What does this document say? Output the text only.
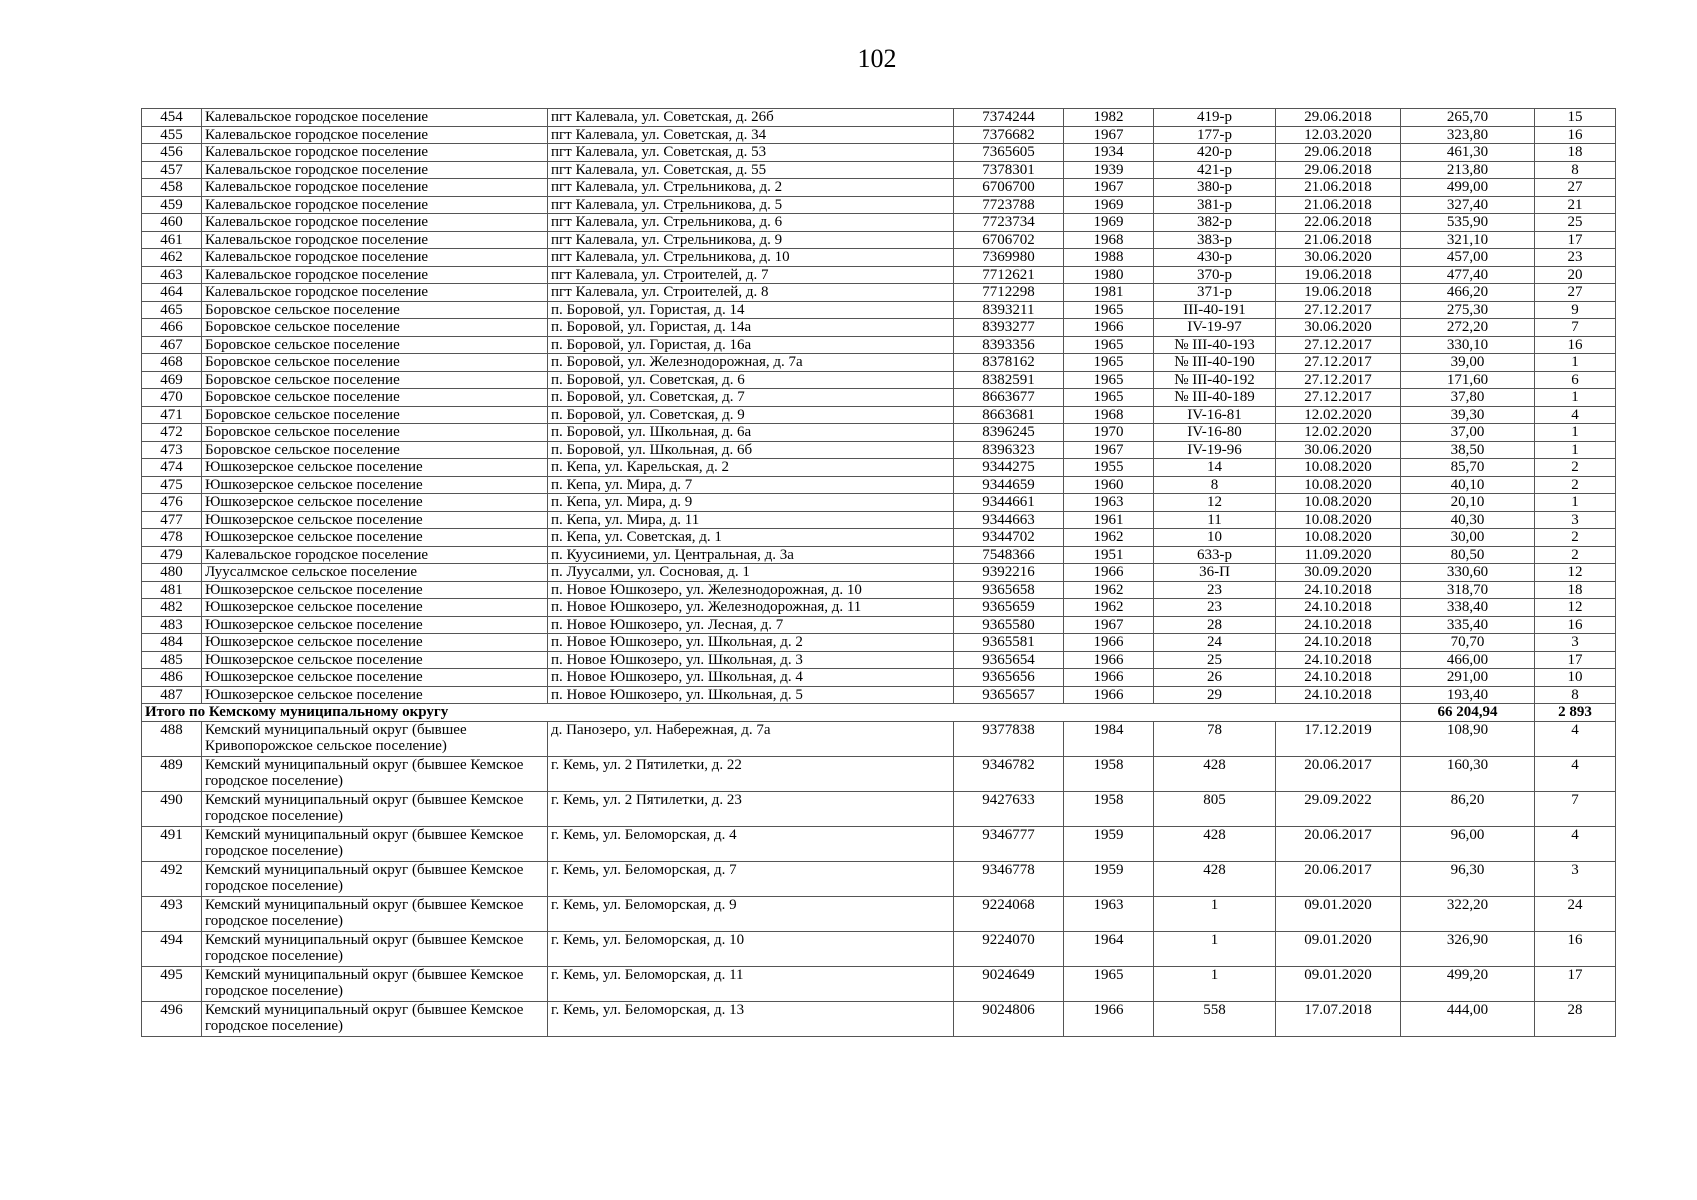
102
454	Калевальское городское поселение	пгт Калевала, ул. Советская, д. 26б	7374244	1982	419-р	29.06.2018	265,70	15
455	Калевальское городское поселение	пгт Калевала, ул. Советская, д. 34	7376682	1967	177-р	12.03.2020	323,80	16
456	Калевальское городское поселение	пгт Калевала, ул. Советская, д. 53	7365605	1934	420-р	29.06.2018	461,30	18
457	Калевальское городское поселение	пгт Калевала, ул. Советская, д. 55	7378301	1939	421-р	29.06.2018	213,80	8
458	Калевальское городское поселение	пгт Калевала, ул. Стрельникова, д. 2	6706700	1967	380-р	21.06.2018	499,00	27
459	Калевальское городское поселение	пгт Калевала, ул. Стрельникова, д. 5	7723788	1969	381-р	21.06.2018	327,40	21
460	Калевальское городское поселение	пгт Калевала, ул. Стрельникова, д. 6	7723734	1969	382-р	22.06.2018	535,90	25
461	Калевальское городское поселение	пгт Калевала, ул. Стрельникова, д. 9	6706702	1968	383-р	21.06.2018	321,10	17
462	Калевальское городское поселение	пгт Калевала, ул. Стрельникова, д. 10	7369980	1988	430-р	30.06.2020	457,00	23
463	Калевальское городское поселение	пгт Калевала, ул. Строителей, д. 7	7712621	1980	370-р	19.06.2018	477,40	20
464	Калевальское городское поселение	пгт Калевала, ул. Строителей, д. 8	7712298	1981	371-р	19.06.2018	466,20	27
465	Боровское сельское поселение	п. Боровой, ул. Гористая, д. 14	8393211	1965	III-40-191	27.12.2017	275,30	9
466	Боровское сельское поселение	п. Боровой, ул. Гористая, д. 14а	8393277	1966	IV-19-97	30.06.2020	272,20	7
467	Боровское сельское поселение	п. Боровой, ул. Гористая, д. 16а	8393356	1965	№ III-40-193	27.12.2017	330,10	16
468	Боровское сельское поселение	п. Боровой, ул. Железнодорожная, д. 7а	8378162	1965	№ III-40-190	27.12.2017	39,00	1
469	Боровское сельское поселение	п. Боровой, ул. Советская, д. 6	8382591	1965	№ III-40-192	27.12.2017	171,60	6
470	Боровское сельское поселение	п. Боровой, ул. Советская, д. 7	8663677	1965	№ III-40-189	27.12.2017	37,80	1
471	Боровское сельское поселение	п. Боровой, ул. Советская, д. 9	8663681	1968	IV-16-81	12.02.2020	39,30	4
472	Боровское сельское поселение	п. Боровой, ул. Школьная, д. 6а	8396245	1970	IV-16-80	12.02.2020	37,00	1
473	Боровское сельское поселение	п. Боровой, ул. Школьная, д. 6б	8396323	1967	IV-19-96	30.06.2020	38,50	1
474	Юшкозерское сельское поселение	п. Кепа, ул. Карельская, д. 2	9344275	1955	14	10.08.2020	85,70	2
475	Юшкозерское сельское поселение	п. Кепа, ул. Мира, д. 7	9344659	1960	8	10.08.2020	40,10	2
476	Юшкозерское сельское поселение	п. Кепа, ул. Мира, д. 9	9344661	1963	12	10.08.2020	20,10	1
477	Юшкозерское сельское поселение	п. Кепа, ул. Мира, д. 11	9344663	1961	11	10.08.2020	40,30	3
478	Юшкозерское сельское поселение	п. Кепа, ул. Советская, д. 1	9344702	1962	10	10.08.2020	30,00	2
479	Калевальское городское поселение	п. Куусиниеми, ул. Центральная, д. 3а	7548366	1951	633-р	11.09.2020	80,50	2
480	Луусалмское сельское поселение	п. Луусалми, ул. Сосновая, д. 1	9392216	1966	36-П	30.09.2020	330,60	12
481	Юшкозерское сельское поселение	п. Новое Юшкозеро, ул. Железнодорожная, д. 10	9365658	1962	23	24.10.2018	318,70	18
482	Юшкозерское сельское поселение	п. Новое Юшкозеро, ул. Железнодорожная, д. 11	9365659	1962	23	24.10.2018	338,40	12
483	Юшкозерское сельское поселение	п. Новое Юшкозеро, ул. Лесная, д. 7	9365580	1967	28	24.10.2018	335,40	16
484	Юшкозерское сельское поселение	п. Новое Юшкозеро, ул. Школьная, д. 2	9365581	1966	24	24.10.2018	70,70	3
485	Юшкозерское сельское поселение	п. Новое Юшкозеро, ул. Школьная, д. 3	9365654	1966	25	24.10.2018	466,00	17
486	Юшкозерское сельское поселение	п. Новое Юшкозеро, ул. Школьная, д. 4	9365656	1966	26	24.10.2018	291,00	10
487	Юшкозерское сельское поселение	п. Новое Юшкозеро, ул. Школьная, д. 5	9365657	1966	29	24.10.2018	193,40	8
Итого по Кемскому муниципальному округу							66 204,94	2 893
488	Кемский муниципальный округ (бывшее Кривопорожское сельское поселение)	д. Панозеро, ул. Набережная, д. 7а	9377838	1984	78	17.12.2019	108,90	4
489	Кемский муниципальный округ (бывшее Кемское городское поселение)	г. Кемь, ул. 2 Пятилетки, д. 22	9346782	1958	428	20.06.2017	160,30	4
490	Кемский муниципальный округ (бывшее Кемское городское поселение)	г. Кемь, ул. 2 Пятилетки, д. 23	9427633	1958	805	29.09.2022	86,20	7
491	Кемский муниципальный округ (бывшее Кемское городское поселение)	г. Кемь, ул. Беломорская, д. 4	9346777	1959	428	20.06.2017	96,00	4
492	Кемский муниципальный округ (бывшее Кемское городское поселение)	г. Кемь, ул. Беломорская, д. 7	9346778	1959	428	20.06.2017	96,30	3
493	Кемский муниципальный округ (бывшее Кемское городское поселение)	г. Кемь, ул. Беломорская, д. 9	9224068	1963	1	09.01.2020	322,20	24
494	Кемский муниципальный округ (бывшее Кемское городское поселение)	г. Кемь, ул. Беломорская, д. 10	9224070	1964	1	09.01.2020	326,90	16
495	Кемский муниципальный округ (бывшее Кемское городское поселение)	г. Кемь, ул. Беломорская, д. 11	9024649	1965	1	09.01.2020	499,20	17
496	Кемский муниципальный округ (бывшее Кемское городское поселение)	г. Кемь, ул. Беломорская, д. 13	9024806	1966	558	17.07.2018	444,00	28
